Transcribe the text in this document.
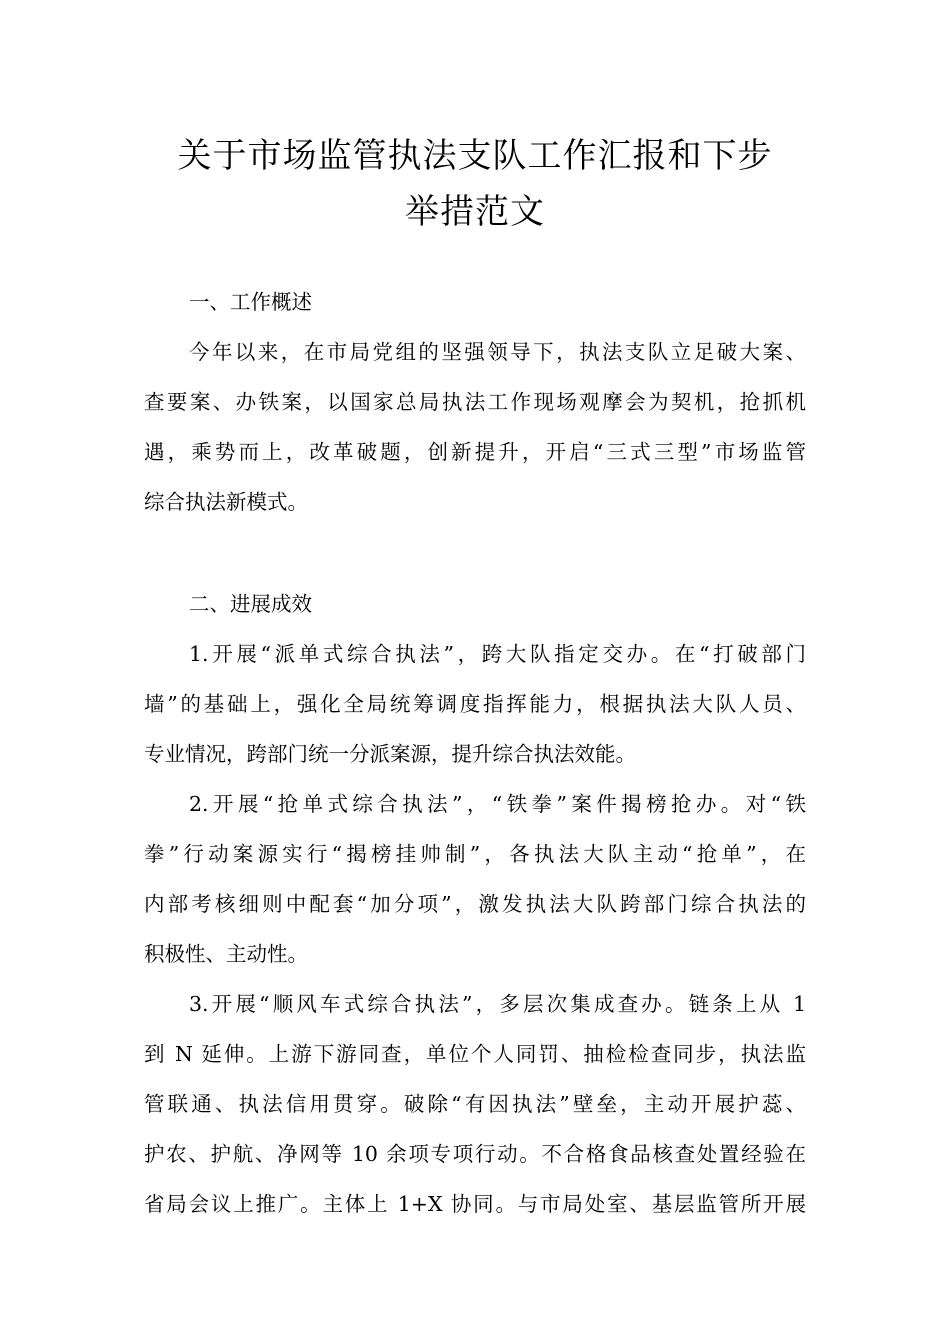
关于市场监管执法支队工作汇报和下步
举措范文
一、工作概述
今年以来，在市局党组的坚强领导下，执法支队立足破大案、
查要案、办铁案，以国家总局执法工作现场观摩会为契机，抢抓机
遇，乘势而上，改革破题，创新提升，开启“三式三型”市场监管
综合执法新模式。
二、进展成效
1.开展“派单式综合执法”，跨大队指定交办。在“打破部门
墙”的基础上，强化全局统筹调度指挥能力，根据执法大队人员、
专业情况，跨部门统一分派案源，提升综合执法效能。
2.开展“抢单式综合执法”，“铁拳”案件揭榜抢办。对“铁
拳”行动案源实行“揭榜挂帅制”，各执法大队主动“抢单”，在
内部考核细则中配套“加分项”，激发执法大队跨部门综合执法的
积极性、主动性。
3.开展“顺风车式综合执法”，多层次集成查办。链条上从 1
到 N 延伸。上游下游同查，单位个人同罚、抽检检查同步，执法监
管联通、执法信用贯穿。破除“有因执法”壁垒，主动开展护蕊、
护农、护航、净网等 10 余项专项行动。不合格食品核查处置经验在
省局会议上推广。主体上 1+X 协同。与市局处室、基层监管所开展
